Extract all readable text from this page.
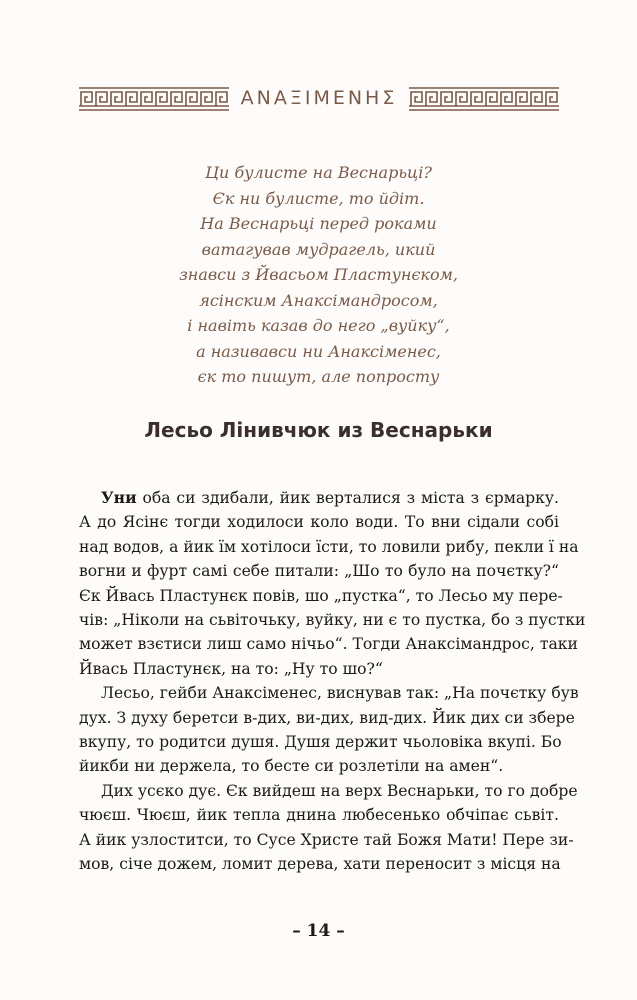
ΑΝΑΞΙΜΕΝΗΣ
Ци булисте на Веснарьці?
Єк ни булисте, то йдіт.
На Веснарьці перед роками
ватагував мудрагель, икий
знавси з Йвасьом Пластунєком,
ясінским Анаксімандросом,
і навіть казав до него „вуйку“,
а називавси ни Анаксіменес,
єк то пишут, але попросту
Лесьо Лінивчюк из Веснарьки
Уни оба си здибали, йик верталися з міста з єрмарку.
А до Ясінє тогди ходилоси коло води. То вни сідали собі
над водов, а йик їм хотілоси їсти, то ловили рибу, пекли ї на
вогни и фурт самі себе питали: „Шо то було на почєтку?“
Єк Йвась Пластунєк повів, шо „пустка“, то Лесьо му пере-
чів: „Ніколи на сьвіточьку, вуйку, ни є то пустка, бо з пустки
может взєтиси лиш само нічьо“. Тогди Анаксімандрос, таки
Йвась Пластунєк, на то: „Ну то шо?“
Лесьо, гейби Анаксіменес, виснував так: „На почєтку був
дух. З духу беретси в-дих, ви-дих, вид-дих. Йик дих си збере
вкупу, то родитси душя. Душя держит чьоловіка вкупі. Бо
йикби ни держела, то бесте си розлетіли на амен“.
Дих усєко дує. Єк вийдеш на верх Веснарьки, то го добре
чюєш. Чюєш, йик тепла днина любесенько обчіпає сьвіт.
А йик узлоститси, то Сусе Христе тай Божя Мати! Пере зи-
мов, січе дожем, ломит дерева, хати переносит з місця на
– 14 –
